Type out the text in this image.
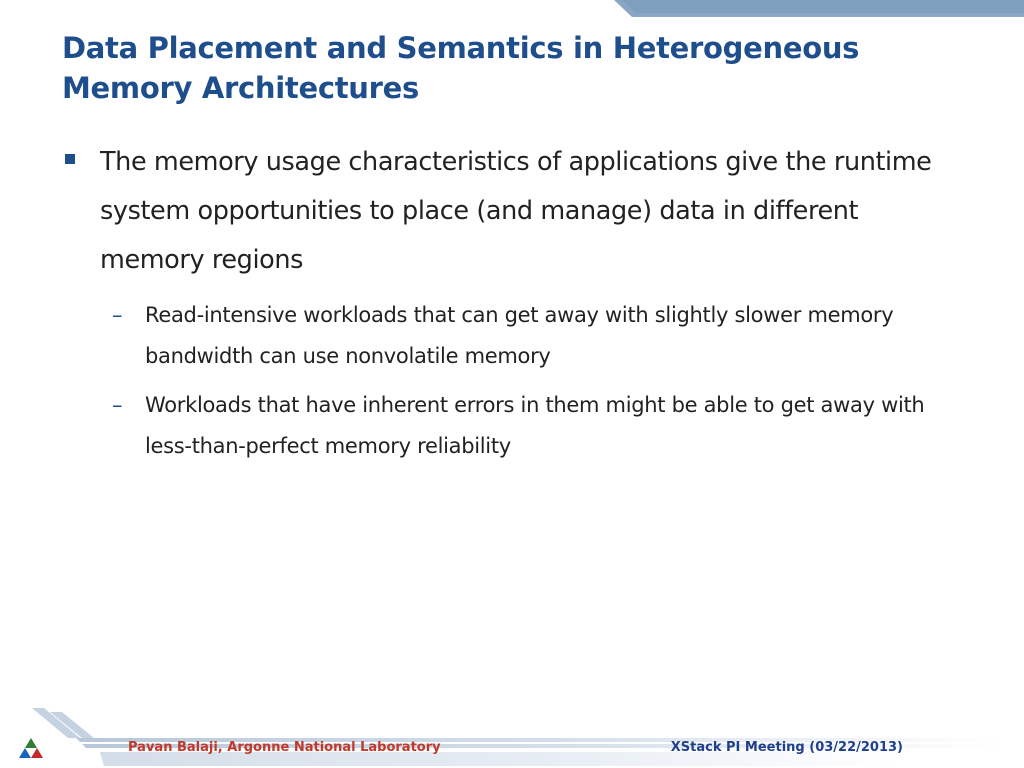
Data Placement and Semantics in Heterogeneous Memory Architectures
The memory usage characteristics of applications give the runtime system opportunities to place (and manage) data in different memory regions
– Read-intensive workloads that can get away with slightly slower memory bandwidth can use nonvolatile memory
– Workloads that have inherent errors in them might be able to get away with less-than-perfect memory reliability
Pavan Balaji, Argonne National Laboratory	XStack PI Meeting (03/22/2013)
